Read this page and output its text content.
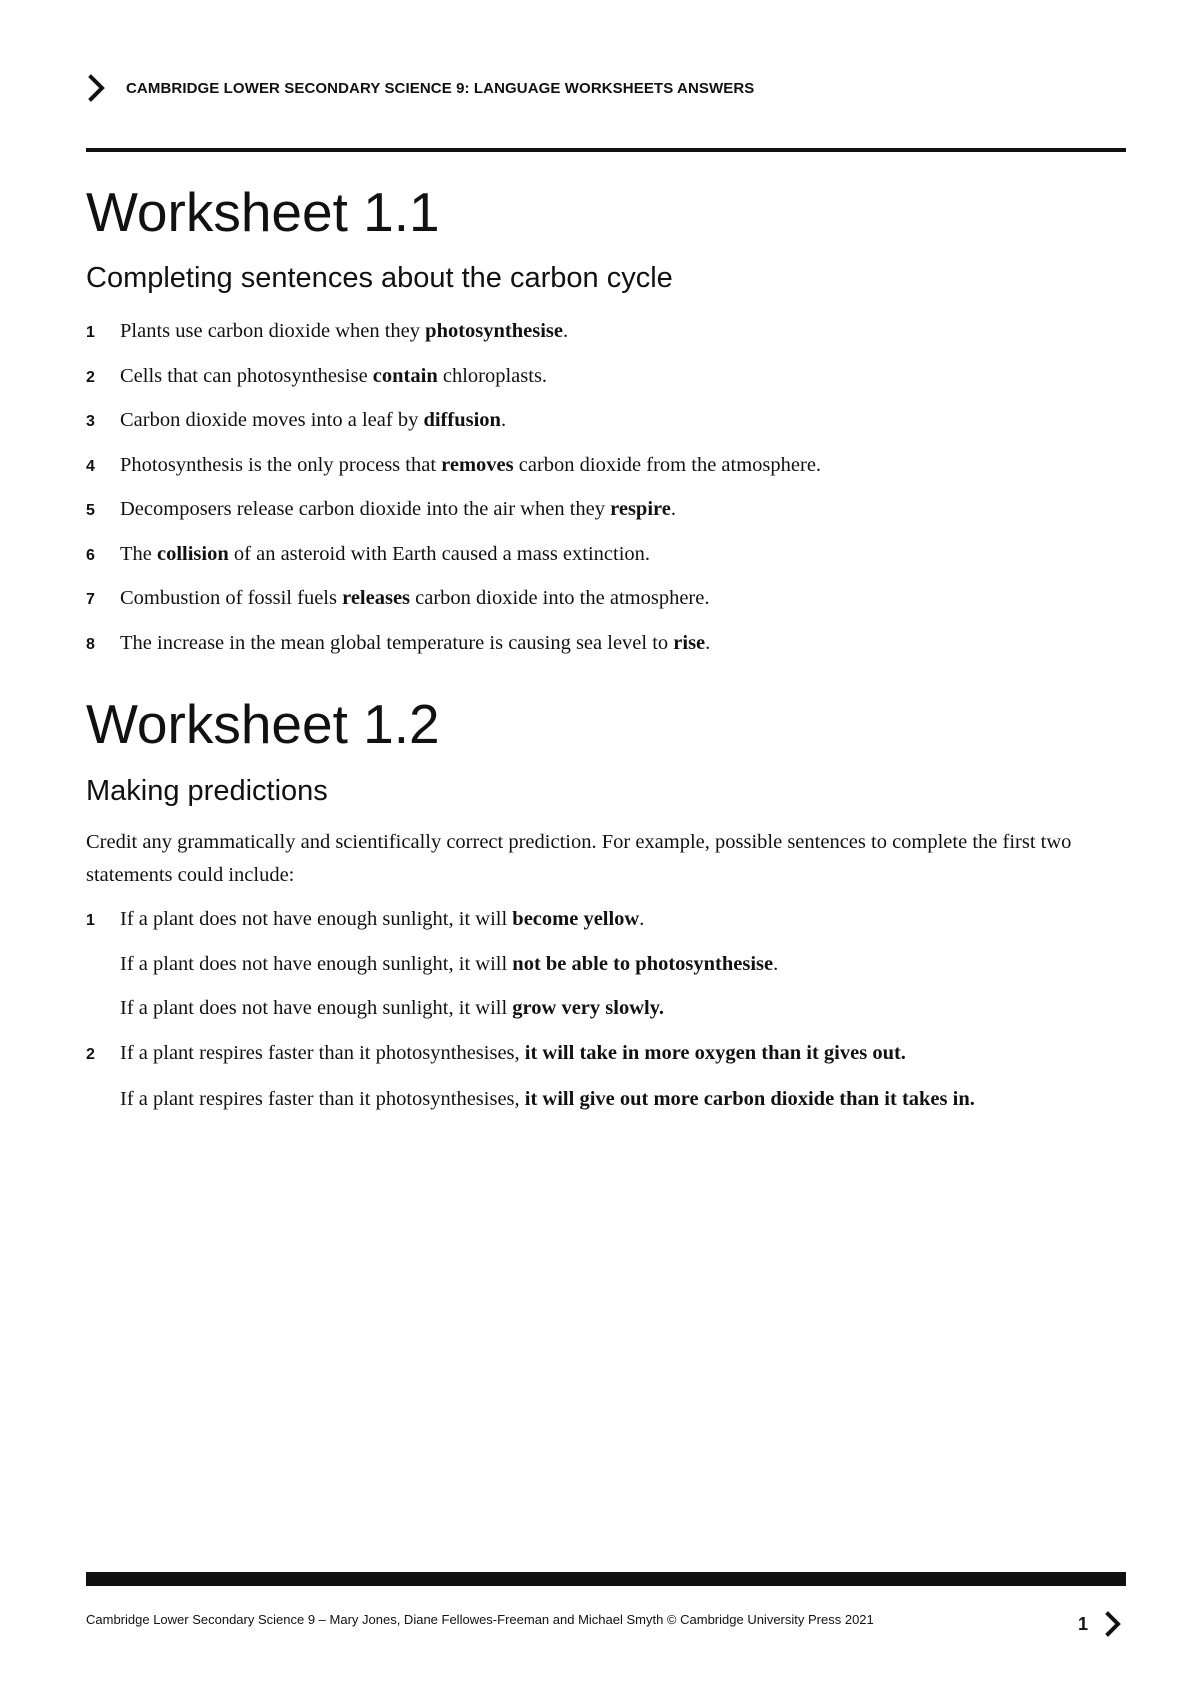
CAMBRIDGE LOWER SECONDARY SCIENCE 9: LANGUAGE WORKSHEETS ANSWERS
Worksheet 1.1
Completing sentences about the carbon cycle
1	Plants use carbon dioxide when they photosynthesise.
2	Cells that can photosynthesise contain chloroplasts.
3	Carbon dioxide moves into a leaf by diffusion.
4	Photosynthesis is the only process that removes carbon dioxide from the atmosphere.
5	Decomposers release carbon dioxide into the air when they respire.
6	The collision of an asteroid with Earth caused a mass extinction.
7	Combustion of fossil fuels releases carbon dioxide into the atmosphere.
8	The increase in the mean global temperature is causing sea level to rise.
Worksheet 1.2
Making predictions

Credit any grammatically and scientifically correct prediction. For example, possible sentences to complete the first two statements could include:

1	If a plant does not have enough sunlight, it will become yellow.
If a plant does not have enough sunlight, it will not be able to photosynthesise.
If a plant does not have enough sunlight, it will grow very slowly.
2	If a plant respires faster than it photosynthesises, it will take in more oxygen than it gives out.
If a plant respires faster than it photosynthesises, it will give out more carbon dioxide than it takes in.
Cambridge Lower Secondary Science 9 – Mary Jones, Diane Fellowes-Freeman and Michael Smyth © Cambridge University Press 2021	1
